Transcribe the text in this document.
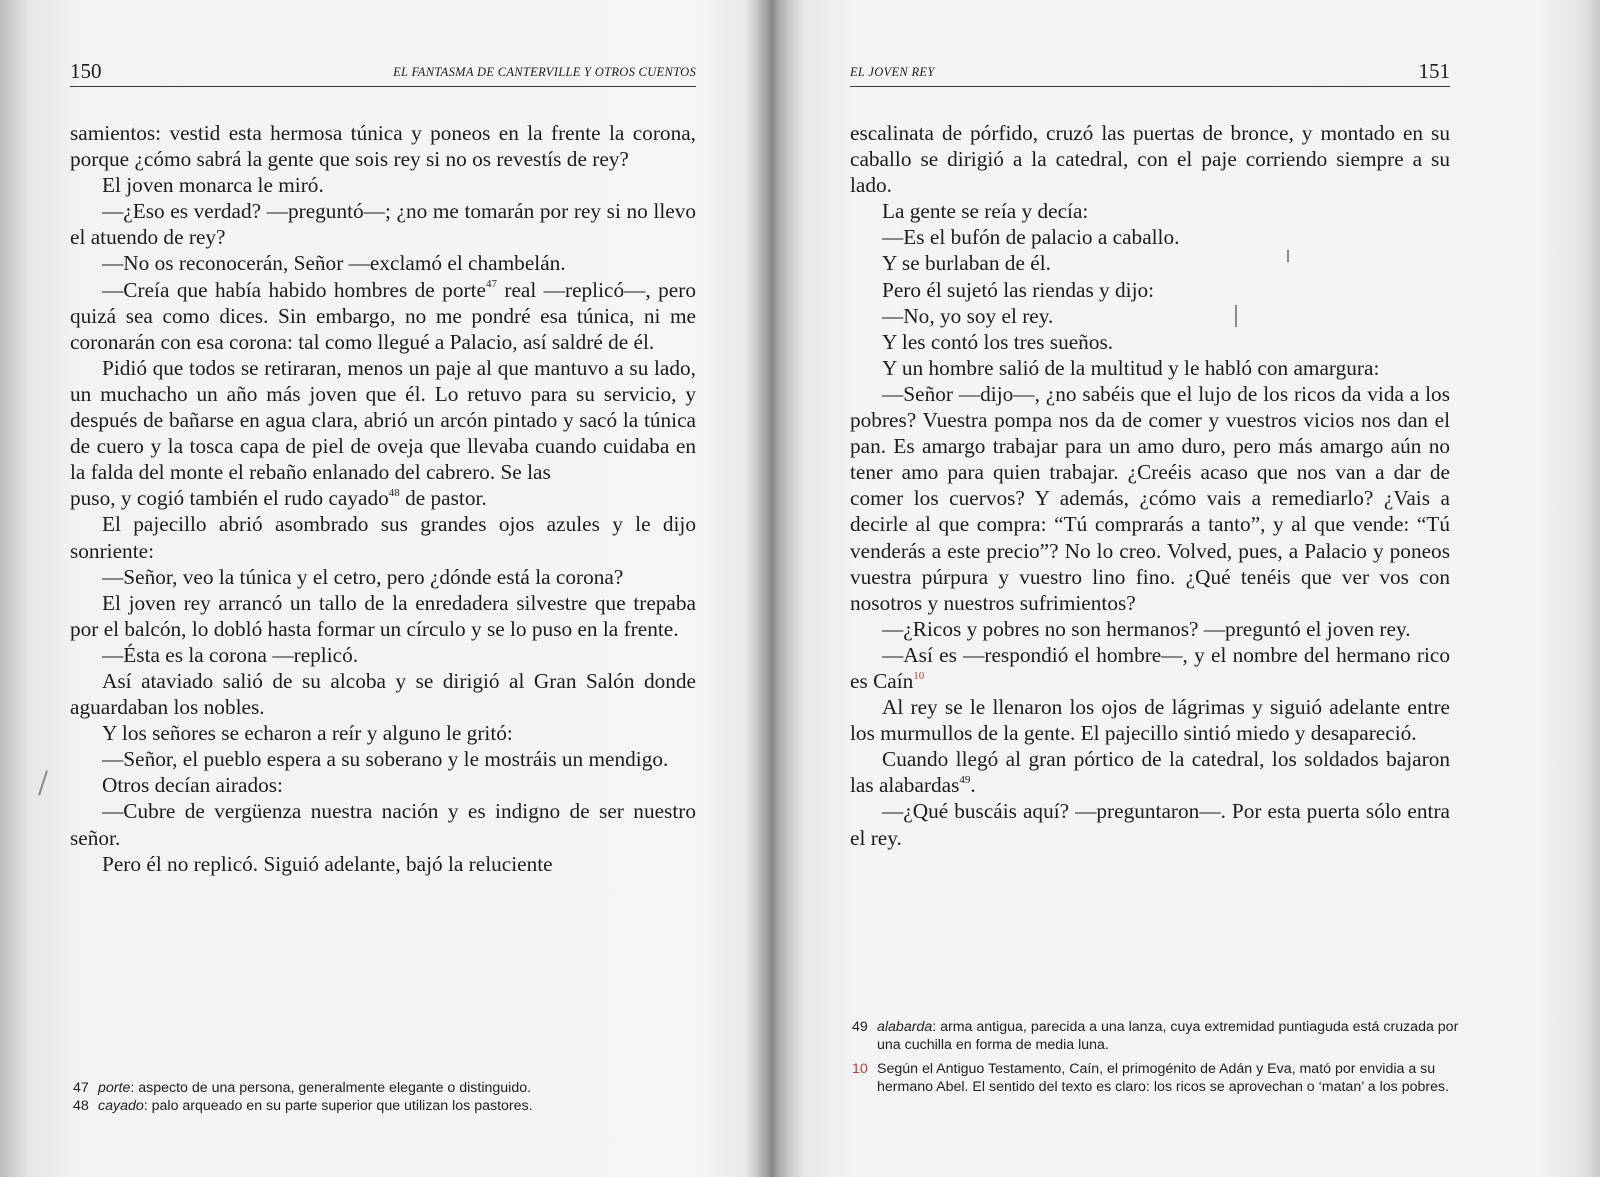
150	EL FANTASMA DE CANTERVILLE Y OTROS CUENTOS

samientos: vestid esta hermosa túnica y poneos en la frente la corona, porque ¿cómo sabrá la gente que sois rey si no os revestís de rey?

El joven monarca le miró.

—¿Eso es verdad? —preguntó—; ¿no me tomarán por rey si no llevo el atuendo de rey?

—No os reconocerán, Señor —exclamó el chambelán.

—Creía que había habido hombres de porte$^{47}$ real —replicó—, pero quizá sea como dices. Sin embargo, no me pondré esa túnica, ni me coronarán con esa corona: tal como llegué a Palacio, así saldré de él.

Pidió que todos se retiraran, menos un paje al que mantuvo a su lado, un muchacho un año más joven que él. Lo retuvo para su servicio, y después de bañarse en agua clara, abrió un arcón pintado y sacó la túnica de cuero y la tosca capa de piel de oveja que llevaba cuando cuidaba en la falda del monte el rebaño enlanado del cabrero. Se las

puso, y cogió también el rudo cayado$^{48}$ de pastor.

El pajecillo abrió asombrado sus grandes ojos azules y le dijo sonriente:

—Señor, veo la túnica y el cetro, pero ¿dónde está la corona?

El joven rey arrancó un tallo de la enredadera silvestre que trepaba por el balcón, lo dobló hasta formar un círculo y se lo puso en la frente.

—Ésta es la corona —replicó.

Así ataviado salió de su alcoba y se dirigió al Gran Salón donde aguardaban los nobles.

Y los señores se echaron a reír y alguno le gritó:

—Señor, el pueblo espera a su soberano y le mostráis un mendigo.

Otros decían airados:

—Cubre de vergüenza nuestra nación y es indigno de ser nuestro señor.

Pero él no replicó. Siguió adelante, bajó la reluciente

47 porte: aspecto de una persona, generalmente elegante o distinguido.
48 cayado: palo arqueado en su parte superior que utilizan los pastores.
EL JOVEN REY	151

escalinata de pórfido, cruzó las puertas de bronce, y montado en su caballo se dirigió a la catedral, con el paje corriendo siempre a su lado.

La gente se reía y decía:

—Es el bufón de palacio a caballo.

Y se burlaban de él.

Pero él sujetó las riendas y dijo:

—No, yo soy el rey.

Y les contó los tres sueños.

Y un hombre salió de la multitud y le habló con amargura:

—Señor —dijo—, ¿no sabéis que el lujo de los ricos da vida a los pobres? Vuestra pompa nos da de comer y vuestros vicios nos dan el pan. Es amargo trabajar para un amo duro, pero más amargo aún no tener amo para quien trabajar. ¿Creéis acaso que nos van a dar de comer los cuervos? Y además, ¿cómo vais a remediarlo? ¿Vais a decirle al que compra: “Tú comprarás a tanto”, y al que vende: “Tú venderás a este precio”? No lo creo. Volved, pues, a Palacio y poneos vuestra púrpura y vuestro lino fino. ¿Qué tenéis que ver vos con nosotros y nuestros sufrimientos?

—¿Ricos y pobres no son hermanos? —preguntó el joven rey.

—Así es —respondió el hombre—, y el nombre del hermano rico es Caín$^{10}$

Al rey se le llenaron los ojos de lágrimas y siguió adelante entre los murmullos de la gente. El pajecillo sintió miedo y desapareció.

Cuando llegó al gran pórtico de la catedral, los soldados bajaron las alabardas$^{49}$.

—¿Qué buscáis aquí? —preguntaron—. Por esta puerta sólo entra el rey.

49 alabarda: arma antigua, parecida a una lanza, cuya extremidad puntiaguda está cruzada por una cuchilla en forma de media luna.
10 Según el Antiguo Testamento, Caín, el primogénito de Adán y Eva, mató por envidia a su hermano Abel. El sentido del texto es claro: los ricos se aprovechan o ‘matan’ a los pobres.
